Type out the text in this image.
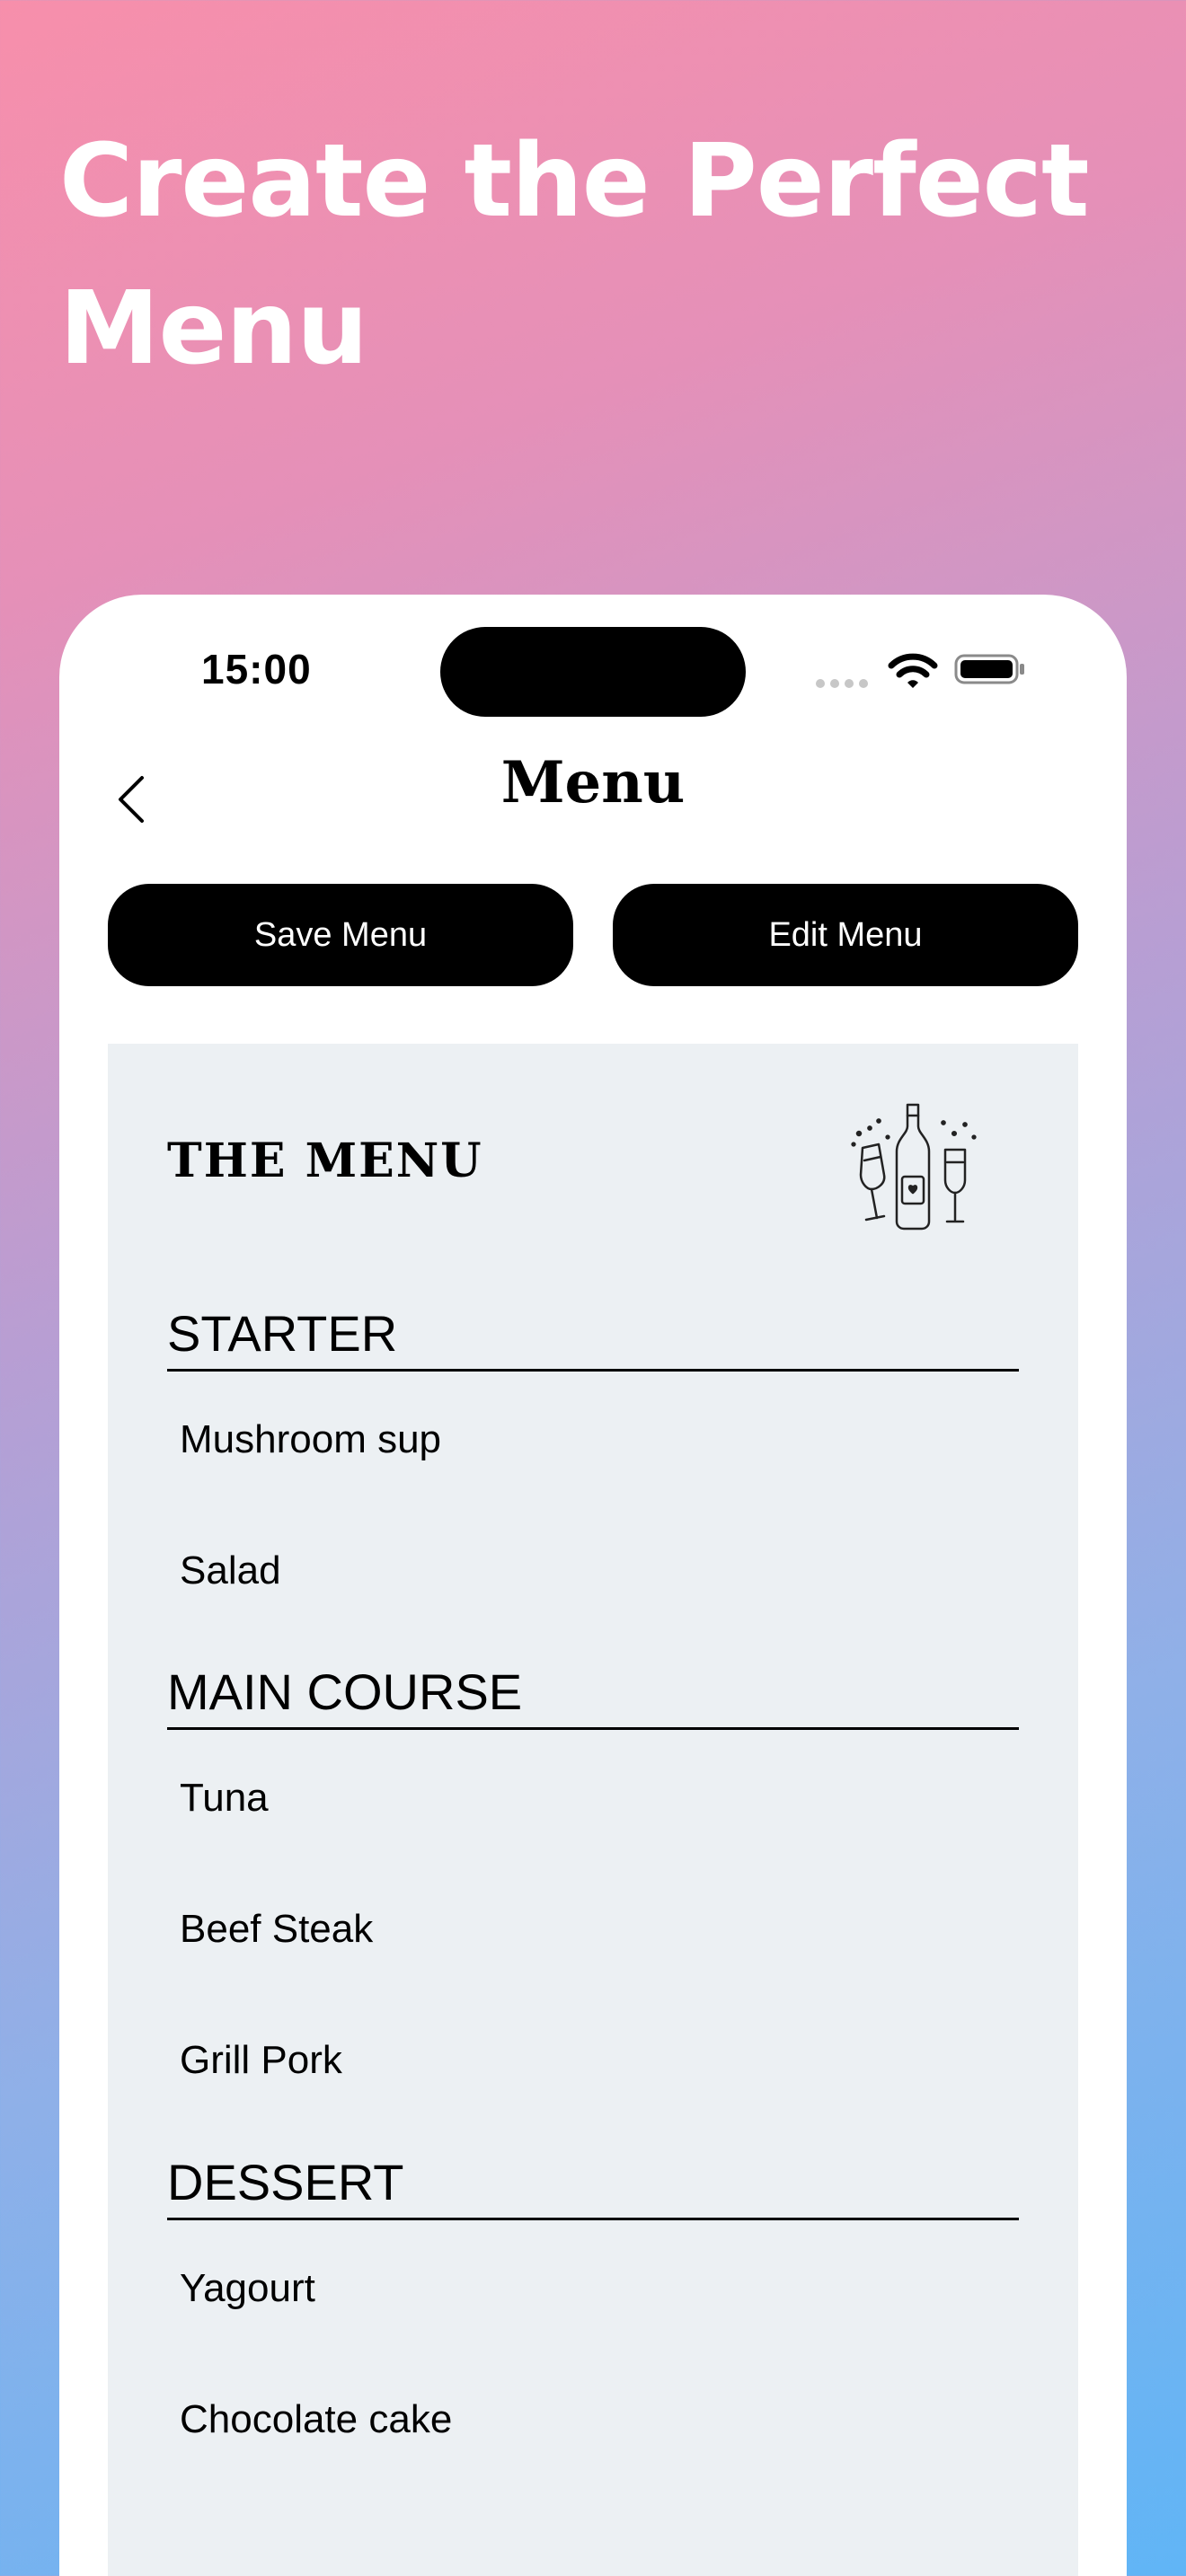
Create the Perfect Menu
15:00
Menu
Save Menu	Edit Menu
THE MENU
STARTER
Mushroom sup
Salad
MAIN COURSE
Tuna
Beef Steak
Grill Pork
DESSERT
Yagourt
Chocolate cake
